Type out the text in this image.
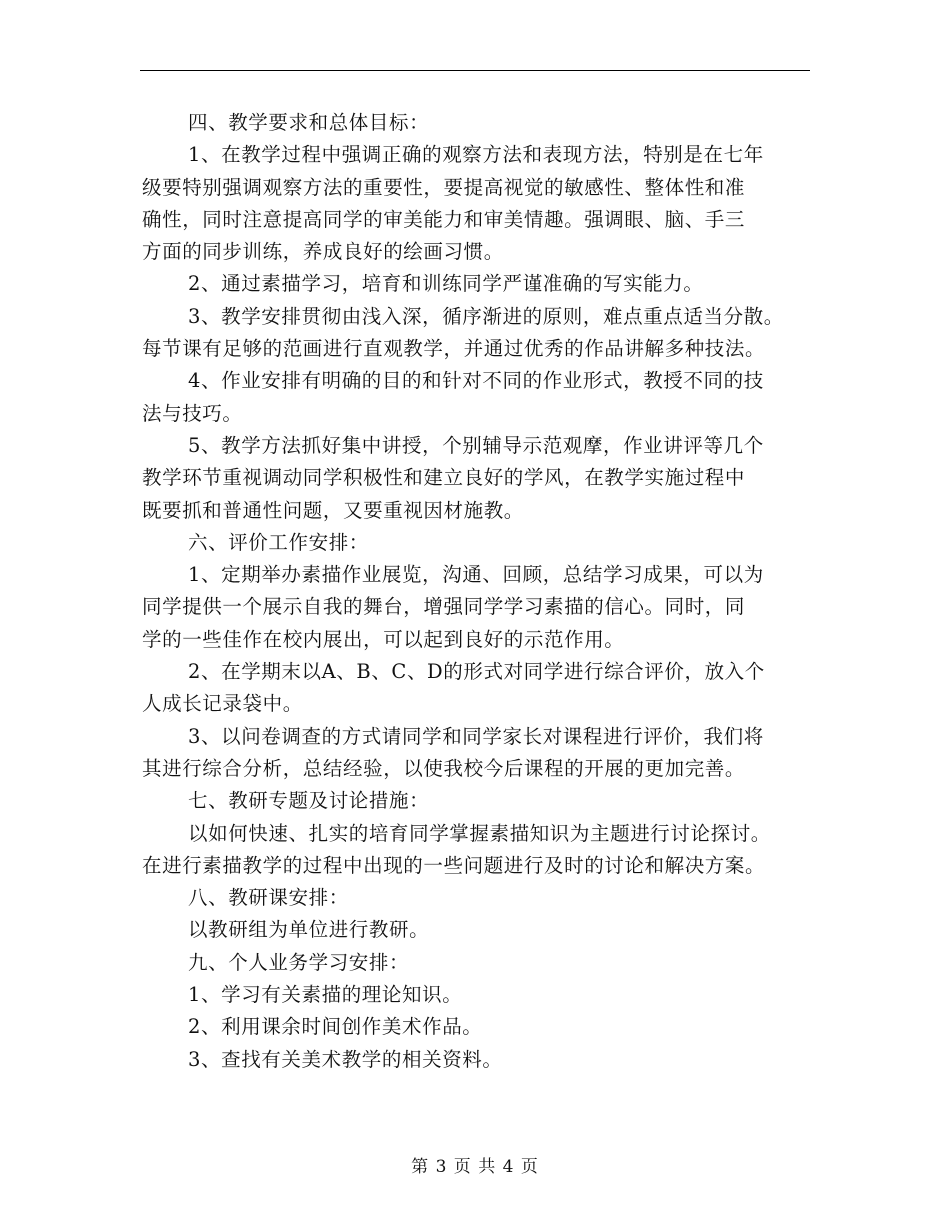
四、教学要求和总体目标：
1、在教学过程中强调正确的观察方法和表现方法，特别是在七年
级要特别强调观察方法的重要性，要提高视觉的敏感性、整体性和准
确性，同时注意提高同学的审美能力和审美情趣。强调眼、脑、手三
方面的同步训练，养成良好的绘画习惯。
2、通过素描学习，培育和训练同学严谨准确的写实能力。
3、教学安排贯彻由浅入深，循序渐进的原则，难点重点适当分散。
每节课有足够的范画进行直观教学，并通过优秀的作品讲解多种技法。
4、作业安排有明确的目的和针对不同的作业形式，教授不同的技
法与技巧。
5、教学方法抓好集中讲授，个别辅导示范观摩，作业讲评等几个
教学环节重视调动同学积极性和建立良好的学风，在教学实施过程中
既要抓和普通性问题，又要重视因材施教。
六、评价工作安排：
1、定期举办素描作业展览，沟通、回顾，总结学习成果，可以为
同学提供一个展示自我的舞台，增强同学学习素描的信心。同时，同
学的一些佳作在校内展出，可以起到良好的示范作用。
2、在学期末以A、B、C、D的形式对同学进行综合评价，放入个
人成长记录袋中。
3、以问卷调查的方式请同学和同学家长对课程进行评价，我们将
其进行综合分析，总结经验，以使我校今后课程的开展的更加完善。
七、教研专题及讨论措施：
以如何快速、扎实的培育同学掌握素描知识为主题进行讨论探讨。
在进行素描教学的过程中出现的一些问题进行及时的讨论和解决方案。
八、教研课安排：
以教研组为单位进行教研。
九、个人业务学习安排：
1、学习有关素描的理论知识。
2、利用课余时间创作美术作品。
3、查找有关美术教学的相关资料。
第 3 页 共 4 页
